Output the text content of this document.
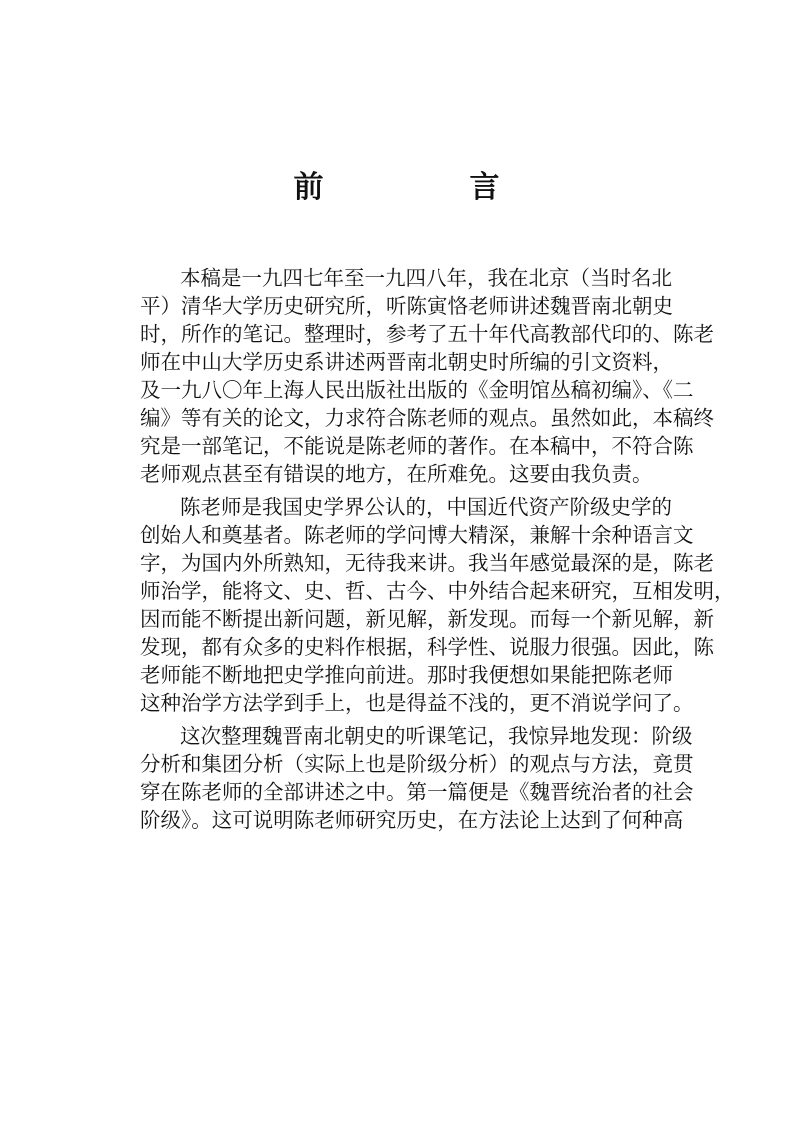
前　言
本稿是一九四七年至一九四八年，我在北京（当时名北
平）清华大学历史研究所，听陈寅恪老师讲述魏晋南北朝史
时，所作的笔记。整理时，参考了五十年代高教部代印的、陈老
师在中山大学历史系讲述两晋南北朝史时所编的引文资料，
及一九八〇年上海人民出版社出版的《金明馆丛稿初编》、《二
编》等有关的论文，力求符合陈老师的观点。虽然如此，本稿终
究是一部笔记，不能说是陈老师的著作。在本稿中，不符合陈
老师观点甚至有错误的地方，在所难免。这要由我负责。
陈老师是我国史学界公认的，中国近代资产阶级史学的
创始人和奠基者。陈老师的学问博大精深，兼解十余种语言文
字，为国内外所熟知，无待我来讲。我当年感觉最深的是，陈老
师治学，能将文、史、哲、古今、中外结合起来研究，互相发明，
因而能不断提出新问题，新见解，新发现。而每一个新见解，新
发现，都有众多的史料作根据，科学性、说服力很强。因此，陈
老师能不断地把史学推向前进。那时我便想如果能把陈老师
这种治学方法学到手上，也是得益不浅的，更不消说学问了。
这次整理魏晋南北朝史的听课笔记，我惊异地发现：阶级
分析和集团分析（实际上也是阶级分析）的观点与方法，竟贯
穿在陈老师的全部讲述之中。第一篇便是《魏晋统治者的社会
阶级》。这可说明陈老师研究历史，在方法论上达到了何种高
